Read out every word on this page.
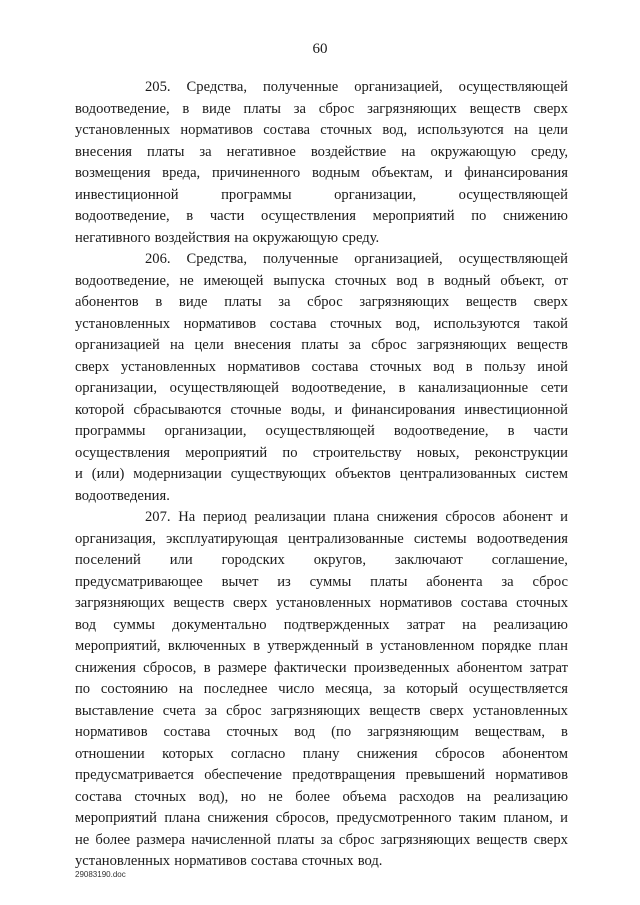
60
205. Средства, полученные организацией, осуществляющей
водоотведение, в виде платы за сброс загрязняющих веществ сверх
установленных нормативов состава сточных вод, используются на цели
внесения платы за негативное воздействие на окружающую среду,
возмещения вреда, причиненного водным объектам, и финансирования
инвестиционной	программы	организации,	осуществляющей
водоотведение, в части осуществления мероприятий по снижению
негативного воздействия на окружающую среду.
206. Средства, полученные организацией, осуществляющей
водоотведение, не имеющей выпуска сточных вод в водный объект, от
абонентов в виде платы за сброс загрязняющих веществ сверх
установленных нормативов состава сточных вод, используются такой
организацией на цели внесения платы за сброс загрязняющих веществ
сверх установленных нормативов состава сточных вод в пользу иной
организации, осуществляющей водоотведение, в канализационные сети
которой сбрасываются сточные воды, и финансирования инвестиционной
программы организации, осуществляющей водоотведение, в части
осуществления мероприятий по строительству новых, реконструкции
и (или) модернизации существующих объектов централизованных систем
водоотведения.
207. На период реализации плана снижения сбросов абонент и
организация, эксплуатирующая централизованные системы водоотведения
поселений или городских округов, заключают соглашение,
предусматривающее вычет из суммы платы абонента за сброс
загрязняющих веществ сверх установленных нормативов состава сточных
вод суммы документально подтвержденных затрат на реализацию
мероприятий, включенных в утвержденный в установленном порядке план
снижения сбросов, в размере фактически произведенных абонентом затрат
по состоянию на последнее число месяца, за который осуществляется
выставление счета за сброс загрязняющих веществ сверх установленных
нормативов состава сточных вод (по загрязняющим веществам, в
отношении которых согласно плану снижения сбросов абонентом
предусматривается обеспечение предотвращения превышений нормативов
состава сточных вод), но не более объема расходов на реализацию
мероприятий плана снижения сбросов, предусмотренного таким планом, и
не более размера начисленной платы за сброс загрязняющих веществ сверх
установленных нормативов состава сточных вод.
29083190.doc
